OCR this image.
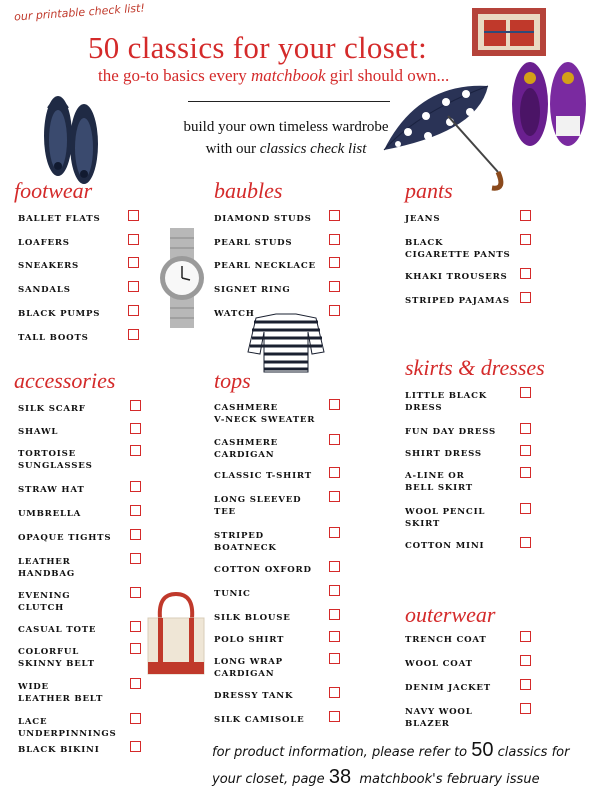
our printable check list!
50 classics for your closet:
the go-to basics every matchbook girl should own...
build your own timeless wardrobe
with our classics check list
footwear	baubles	pants
accessories	tops
skirts & dresses
outerwear
BALLET FLATS
LOAFERS
SNEAKERS
SANDALS
BLACK PUMPS
TALL BOOTS
SILK SCARF
SHAWL
TORTOISE
SUNGLASSES
STRAW HAT
UMBRELLA
OPAQUE TIGHTS
LEATHER
HANDBAG
EVENING
CLUTCH
CASUAL TOTE
COLORFUL
SKINNY BELT
WIDE
LEATHER BELT
LACE
UNDERPINNINGS
BLACK BIKINI
DIAMOND STUDS
PEARL STUDS
PEARL NECKLACE
SIGNET RING
WATCH
CASHMERE
V-NECK SWEATER
CASHMERE
CARDIGAN
CLASSIC T-SHIRT
LONG SLEEVED
TEE
STRIPED
BOATNECK
COTTON OXFORD
TUNIC
SILK BLOUSE
POLO SHIRT
LONG WRAP
CARDIGAN
DRESSY TANK
SILK CAMISOLE
JEANS
BLACK
CIGARETTE PANTS
KHAKI TROUSERS
STRIPED PAJAMAS
LITTLE BLACK
DRESS
FUN DAY DRESS
SHIRT DRESS
A-LINE OR
BELL SKIRT
WOOL PENCIL
SKIRT
COTTON MINI
TRENCH COAT
WOOL COAT
DENIM JACKET
NAVY WOOL
BLAZER
for product information, please refer to 50 classics for
your closet, page 38 matchbook's february issue
